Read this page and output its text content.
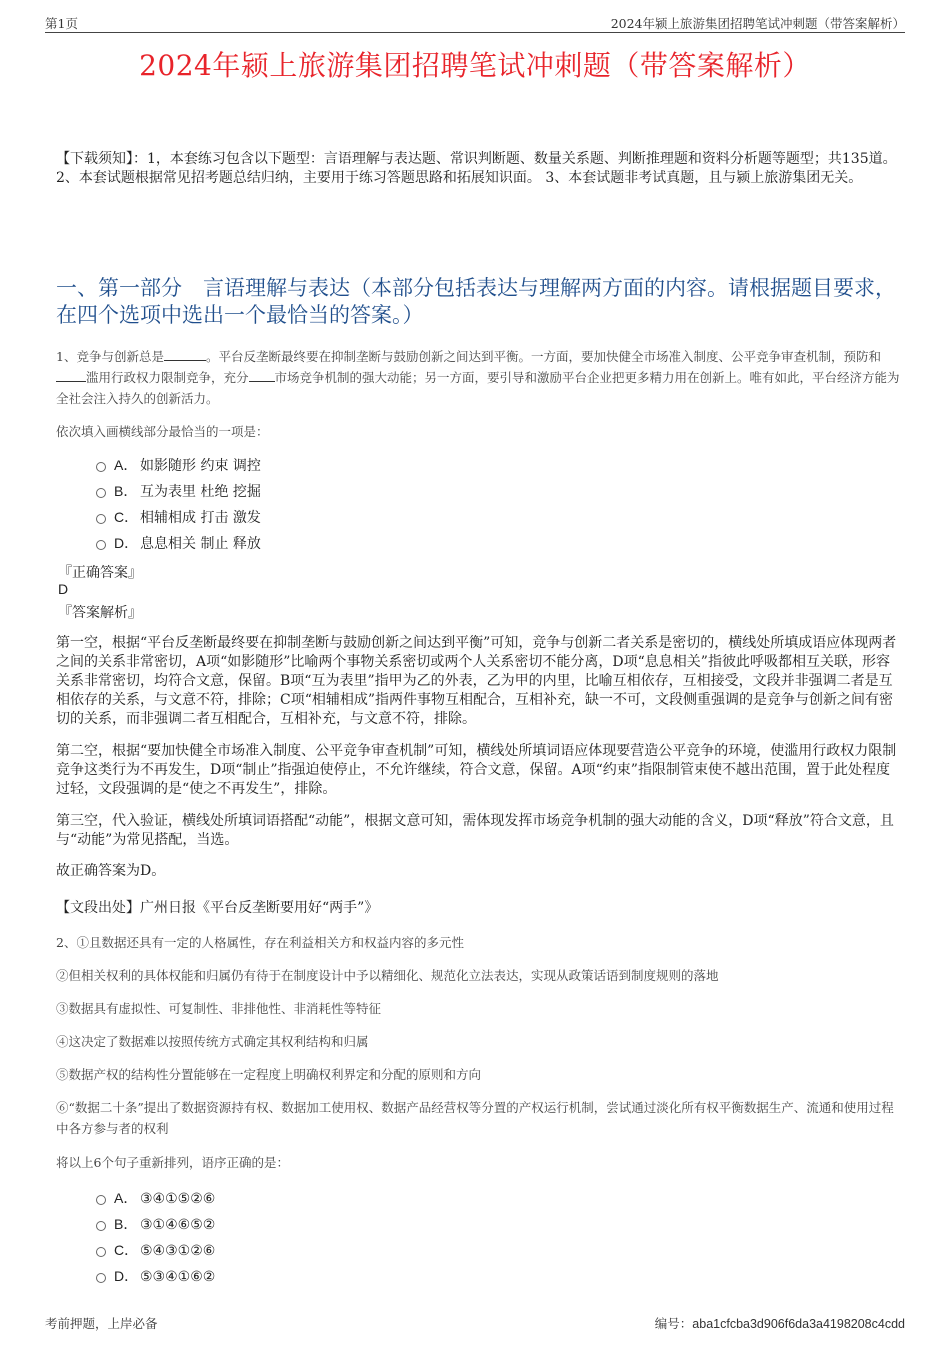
第1页	2024年颍上旅游集团招聘笔试冲刺题（带答案解析）
2024年颍上旅游集团招聘笔试冲刺题（带答案解析）
【下载须知】：1，本套练习包含以下题型：言语理解与表达题、常识判断题、数量关系题、判断推理题和资料分析题等题型；共135道。 2、本套试题根据常见招考题总结归纳，主要用于练习答题思路和拓展知识面。 3、本套试题非考试真题，且与颍上旅游集团无关。
一、第一部分　言语理解与表达（本部分包括表达与理解两方面的内容。请根据题目要求，在四个选项中选出一个最恰当的答案。）
1、竞争与创新总是	。平台反垄断最终要在抑制垄断与鼓励创新之间达到平衡。一方面，要加快健全市场准入制度、公平竞争审查机制，预防和滥用行政权力限制竞争，充分 市场竞争机制的强大动能；另一方面，要引导和激励平台企业把更多精力用在创新上。唯有如此，平台经济方能为全社会注入持久的创新活力。
依次填入画横线部分最恰当的一项是：
A． 如影随形 约束 调控
B． 互为表里 杜绝 挖掘
C． 相辅相成 打击 激发
D． 息息相关 制止 释放
『正确答案』
D
『答案解析』
第一空，根据“平台反垄断最终要在抑制垄断与鼓励创新之间达到平衡”可知，竞争与创新二者关系是密切的，横线处所填成语应体现两者之间的关系非常密切，A项“如影随形”比喻两个事物关系密切或两个人关系密切不能分离，D项“息息相关”指彼此呼吸都相互关联，形容关系非常密切，均符合文意，保留。B项“互为表里”指甲为乙的外表，乙为甲的内里，比喻互相依存，互相接受，文段并非强调二者是互相依存的关系，与文意不符，排除；C项“相辅相成”指两件事物互相配合，互相补充，缺一不可，文段侧重强调的是竞争与创新之间有密切的关系，而非强调二者互相配合，互相补充，与文意不符，排除。
第二空，根据“要加快健全市场准入制度、公平竞争审查机制”可知，横线处所填词语应体现要营造公平竞争的环境，使滥用行政权力限制竞争这类行为不再发生，D项“制止”指强迫使停止，不允许继续，符合文意，保留。A项“约束”指限制管束使不越出范围，置于此处程度过轻，文段强调的是“使之不再发生”，排除。
第三空，代入验证，横线处所填词语搭配“动能”，根据文意可知，需体现发挥市场竞争机制的强大动能的含义，D项“释放”符合文意，且与“动能”为常见搭配，当选。
故正确答案为D。
【文段出处】广州日报《平台反垄断要用好“两手”》
2、①且数据还具有一定的人格属性，存在利益相关方和权益内容的多元性
②但相关权利的具体权能和归属仍有待于在制度设计中予以精细化、规范化立法表达，实现从政策话语到制度规则的落地
③数据具有虚拟性、可复制性、非排他性、非消耗性等特征
④这决定了数据难以按照传统方式确定其权利结构和归属
⑤数据产权的结构性分置能够在一定程度上明确权利界定和分配的原则和方向
⑥“数据二十条”提出了数据资源持有权、数据加工使用权、数据产品经营权等分置的产权运行机制，尝试通过淡化所有权平衡数据生产、流通和使用过程中各方参与者的权利
将以上6个句子重新排列，语序正确的是：
A． ③④①⑤②⑥
B． ③①④⑥⑤②
C． ⑤④③①②⑥
D． ⑤③④①⑥②
考前押题，上岸必备	编号：aba1cfcba3d906f6da3a4198208c4cdd
